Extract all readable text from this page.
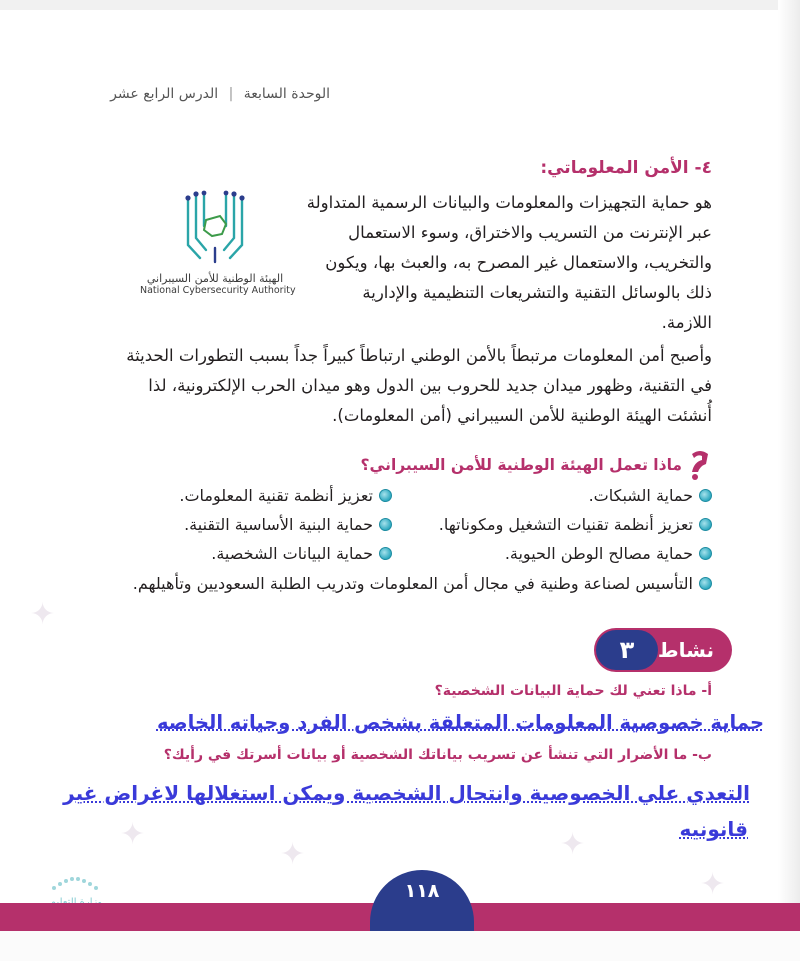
✦
✦	✦
✦
✦
الوحدة السابعة | الدرس الرابع عشر
٤- الأمن المعلوماتي:
هو حماية التجهيزات والمعلومات والبيانات الرسمية المتداولة
عبر الإنترنت من التسريب والاختراق، وسوء الاستعمال
والتخريب، والاستعمال غير المصرح به، والعبث بها، ويكون
ذلك بالوسائل التقنية والتشريعات التنظيمية والإدارية
اللازمة.
الهيئة الوطنية للأمن السيبراني
National Cybersecurity Authority
وأصبح أمن المعلومات مرتبطاً بالأمن الوطني ارتباطاً كبيراً جداً بسبب التطورات الحديثة
في التقنية، وظهور ميدان جديد للحروب بين الدول وهو ميدان الحرب الإلكترونية، لذا
أُنشئت الهيئة الوطنية للأمن السيبراني (أمن المعلومات).
ماذا تعمل الهيئة الوطنية للأمن السيبراني؟
حماية الشبكات.
تعزيز أنظمة تقنية المعلومات.
تعزيز أنظمة تقنيات التشغيل ومكوناتها.
حماية البنية الأساسية التقنية.
حماية مصالح الوطن الحيوية.
حماية البيانات الشخصية.
التأسيس لصناعة وطنية في مجال أمن المعلومات وتدريب الطلبة السعوديين وتأهيلهم.
نشاط
٣
أ- ماذا تعني لك حماية البيانات الشخصية؟
حماية خصوصية المعلومات المتعلقة بشخص الفرد وحياته الخاصه
ب- ما الأضرار التي تنشأ عن تسريب بياناتك الشخصية أو بيانات أسرتك في رأيك؟
التعدي علي الخصوصية وانتحال الشخصية ويمكن استغلالها لاغراض غير
قانونيه
١١٨
